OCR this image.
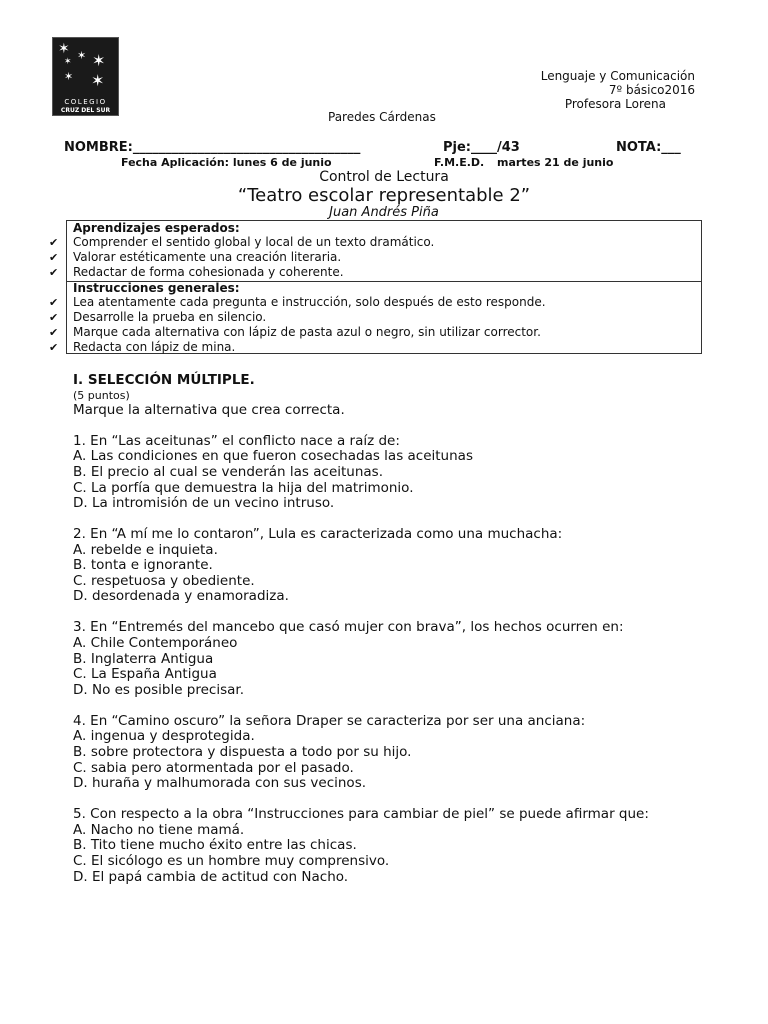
✶ ✶
✶ ✶
✶ ✶
COLEGIO
CRUZ DEL SUR
Lenguaje y Comunicación
7º básico2016
Profesora Lorena
Paredes Cárdenas
NOMBRE:___________________________________	Pje:____/43	NOTA:___
Fecha Aplicación: lunes 6 de junio	F.M.E.D. martes 21 de junio
Control de Lectura
“Teatro escolar representable 2”
Juan Andrés Piña
Aprendizajes esperados:
Comprender el sentido global y local de un texto dramático.
Valorar estéticamente una creación literaria.
Redactar de forma cohesionada y coherente.
Instrucciones generales:
Lea atentamente cada pregunta e instrucción, solo después de esto responde.
Desarrolle la prueba en silencio.
Marque cada alternativa con lápiz de pasta azul o negro, sin utilizar corrector.
Redacta con lápiz de mina.
✔
✔
✔
✔
✔
✔
✔
I. SELECCIÓN MÚLTIPLE.
(5 puntos)
Marque la alternativa que crea correcta.
1. En “Las aceitunas” el conflicto nace a raíz de:
A. Las condiciones en que fueron cosechadas las aceitunas
B. El precio al cual se venderán las aceitunas.
C. La porfía que demuestra la hija del matrimonio.
D. La intromisión de un vecino intruso.
2. En “A mí me lo contaron”, Lula es caracterizada como una muchacha:
A. rebelde e inquieta.
B. tonta e ignorante.
C. respetuosa y obediente.
D. desordenada y enamoradiza.
3. En “Entremés del mancebo que casó mujer con brava”, los hechos ocurren en:
A. Chile Contemporáneo
B. Inglaterra Antigua
C. La España Antigua
D. No es posible precisar.
4. En “Camino oscuro” la señora Draper se caracteriza por ser una anciana:
A. ingenua y desprotegida.
B. sobre protectora y dispuesta a todo por su hijo.
C. sabia pero atormentada por el pasado.
D. huraña y malhumorada con sus vecinos.
5. Con respecto a la obra “Instrucciones para cambiar de piel” se puede afirmar que:
A. Nacho no tiene mamá.
B. Tito tiene mucho éxito entre las chicas.
C. El sicólogo es un hombre muy comprensivo.
D. El papá cambia de actitud con Nacho.
